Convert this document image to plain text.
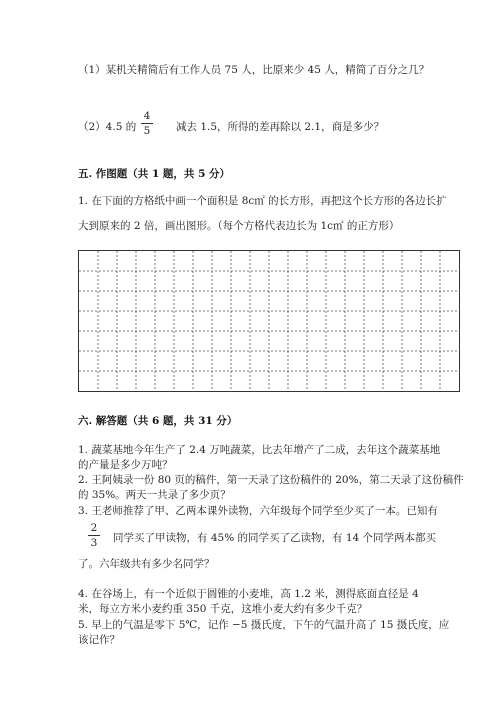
（1）某机关精简后有工作人员 75 人，比原来少 45 人，精简了百分之几？
（2）4.5 的
4
5	减去 1.5，所得的差再除以 2.1，商是多少？
五. 作图题（共 1 题，共 5 分）
1. 在下面的方格纸中画一个面积是 8c㎡ 的长方形，再把这个长方形的各边长扩
大到原来的 2 倍，画出图形。（每个方格代表边长为 1c㎡ 的正方形）
六. 解答题（共 6 题，共 31 分）
1. 蔬菜基地今年生产了 2.4 万吨蔬菜，比去年增产了二成，去年这个蔬菜基地
的产量是多少万吨？
2. 王阿姨录一份 80 页的稿件，第一天录了这份稿件的 20%，第二天录了这份稿件
的 35%。两天一共录了多少页？
3. 王老师推荐了甲、乙两本课外读物，六年级每个同学至少买了一本。已知有
2
3	同学买了甲读物，有 45% 的同学买了乙读物，有 14 个同学两本都买
了。六年级共有多少名同学？
4. 在谷场上，有一个近似于圆锥的小麦堆，高 1.2 米，测得底面直径是 4
米，每立方米小麦约重 350 千克，这堆小麦大约有多少千克？
5. 早上的气温是零下 5℃，记作 −5 摄氏度，下午的气温升高了 15 摄氏度，应
该记作？
